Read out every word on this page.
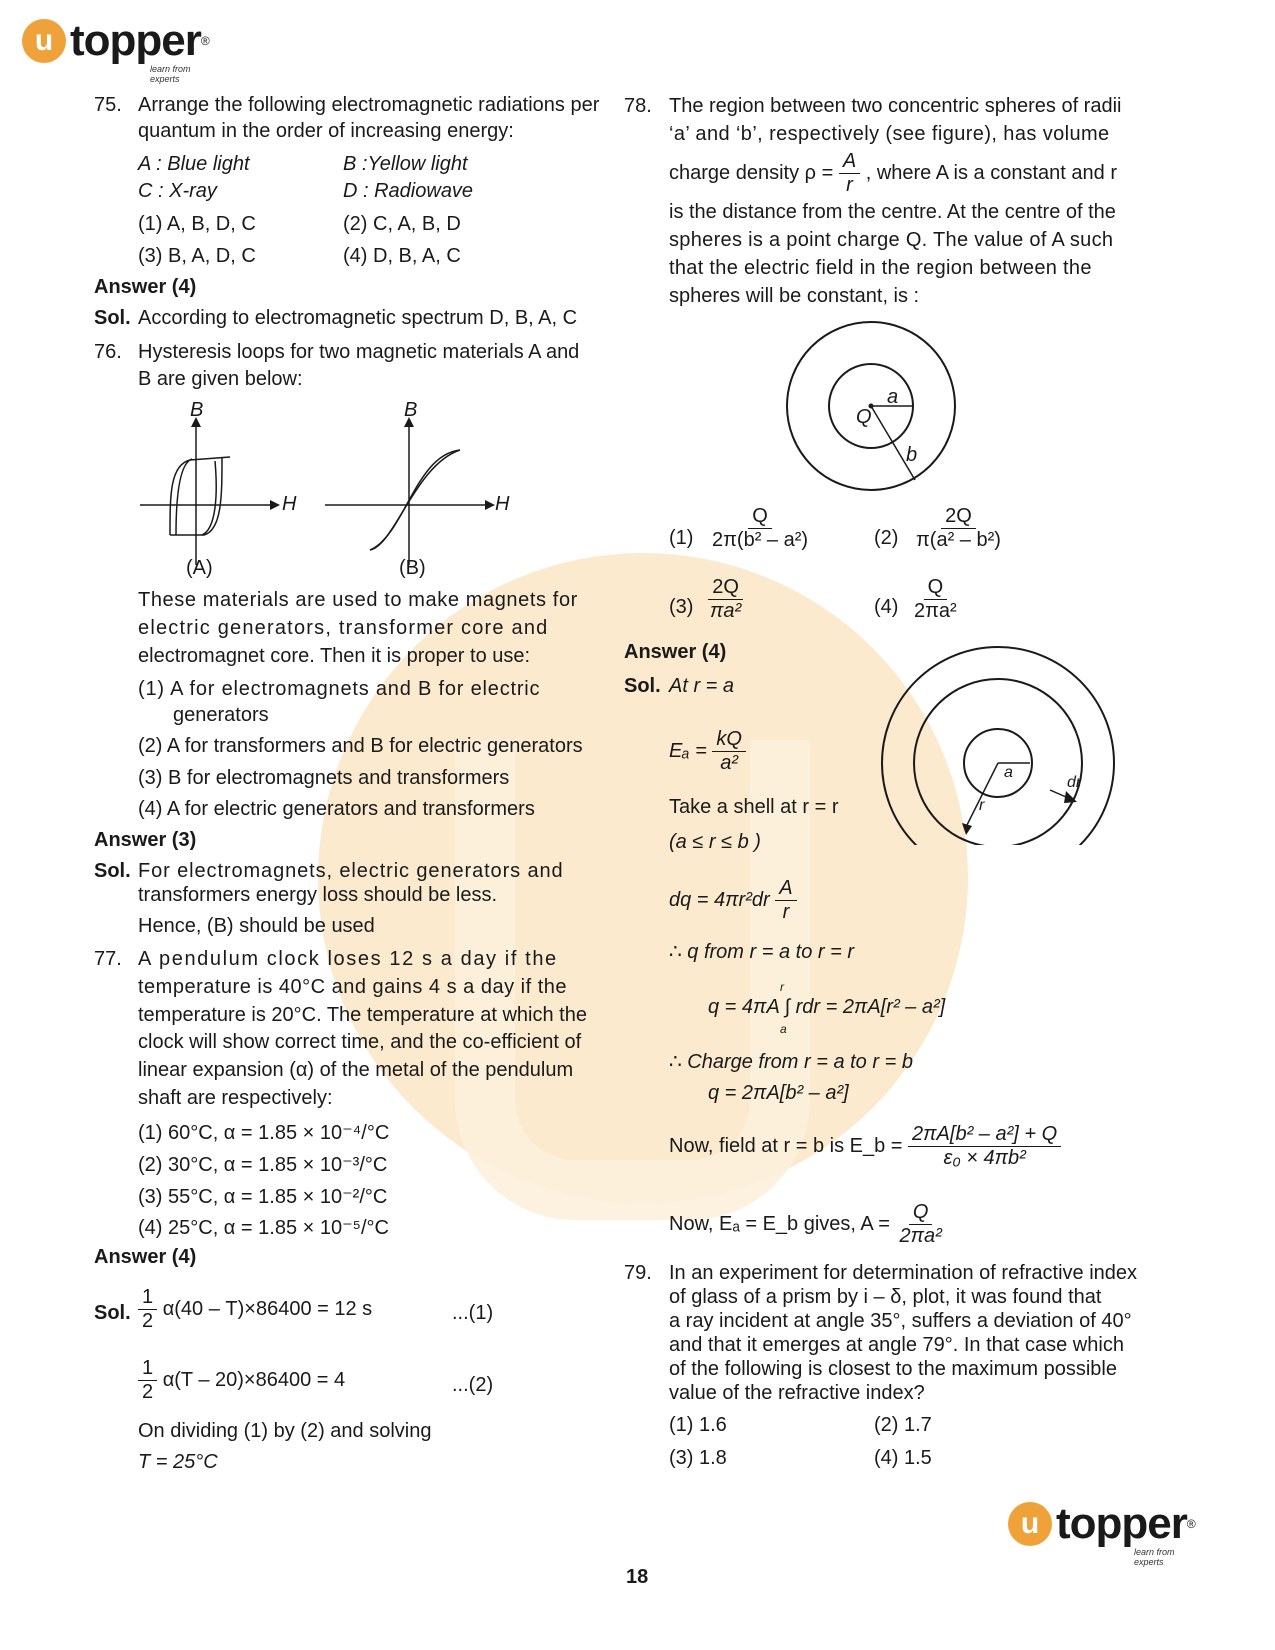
u topper ®
learn from experts
75. Arrange the following electromagnetic radiations per
quantum in the order of increasing energy:
A : Blue light	B :Yellow light
C : X-ray	D : Radiowave
(1) A, B, D, C	(2) C, A, B, D
(3) B, A, D, C	(4) D, B, A, C
Answer (4)
Sol. According to electromagnetic spectrum D, B, A, C
76. Hysteresis loops for two magnetic materials A and
B are given below:
B
H
B
H
(A)	(B)
These materials are used to make magnets for
electric generators, transformer core and
electromagnet core. Then it is proper to use:
(1) A for electromagnets and B for electric
generators
(2) A for transformers and B for electric generators
(3) B for electromagnets and transformers
(4) A for electric generators and transformers
Answer (3)
Sol. For electromagnets, electric generators and
transformers energy loss should be less.
Hence, (B) should be used
77. A pendulum clock loses 12 s a day if the
temperature is 40°C and gains 4 s a day if the
temperature is 20°C. The temperature at which the
clock will show correct time, and the co-efficient of
linear expansion (α) of the metal of the pendulum
shaft are respectively:
(1) 60°C, α = 1.85 × 10⁻⁴/°C
(2) 30°C, α = 1.85 × 10⁻³/°C
(3) 55°C, α = 1.85 × 10⁻²/°C
(4) 25°C, α = 1.85 × 10⁻⁵/°C
Answer (4)
Sol. $\frac{1}{2} \alpha(40 - T)\times 86400 = 12$ s	...(1)
$\frac{1}{2} \alpha(T - 20)\times 86400 = 4$	...(2)
On dividing (1) by (2) and solving
T = 25°C
78. The region between two concentric spheres of radii
‘a’ and ‘b’, respectively (see figure), has volume
charge density $\rho = \frac{A}{r}$ , where A is a constant and r
is the distance from the centre. At the centre of the
spheres is a point charge Q. The value of A such
that the electric field in the region between the
spheres will be constant, is :
Q
a
b
$(1) \frac{Q}{\text{2π(b² – a²)}}$	$(2) \frac{2Q}{\text{π(a² – b²)}}$
$(3) \frac{2Q}{\text{πa²}}$	$(4) \frac{Q}{\text{2πa²}}$
Answer (4)
Sol. At r = a
$E_a = \frac{kQ}{\text{a²}}$
Take a shell at r = r
(a ≤ r ≤ b )
dq = $4\pi r^2dr \frac{A}{r}$
∴ q from r = a to r = r
r
q = 4πA ∫ rdr = 2πA[r² – a²]
a
∴ Charge from r = a to r = b
q = 2πA[b² – a²]
Now, field at r = b is E_b = $\frac{\text{2πA[b² – a²] + Q}}{\text{ε₀ × 4πb²}}$
Now, Eₐ = E_b gives, $A = \frac{Q}{\text{2πa²}}$
a
r
dr
79. In an experiment for determination of refractive index
of glass of a prism by i – δ, plot, it was found that
a ray incident at angle 35°, suffers a deviation of 40°
and that it emerges at angle 79°. In that case which
of the following is closest to the maximum possible
value of the refractive index?
(1) 1.6	(2) 1.7
(3) 1.8	(4) 1.5
18
u topper ®
learn from experts
